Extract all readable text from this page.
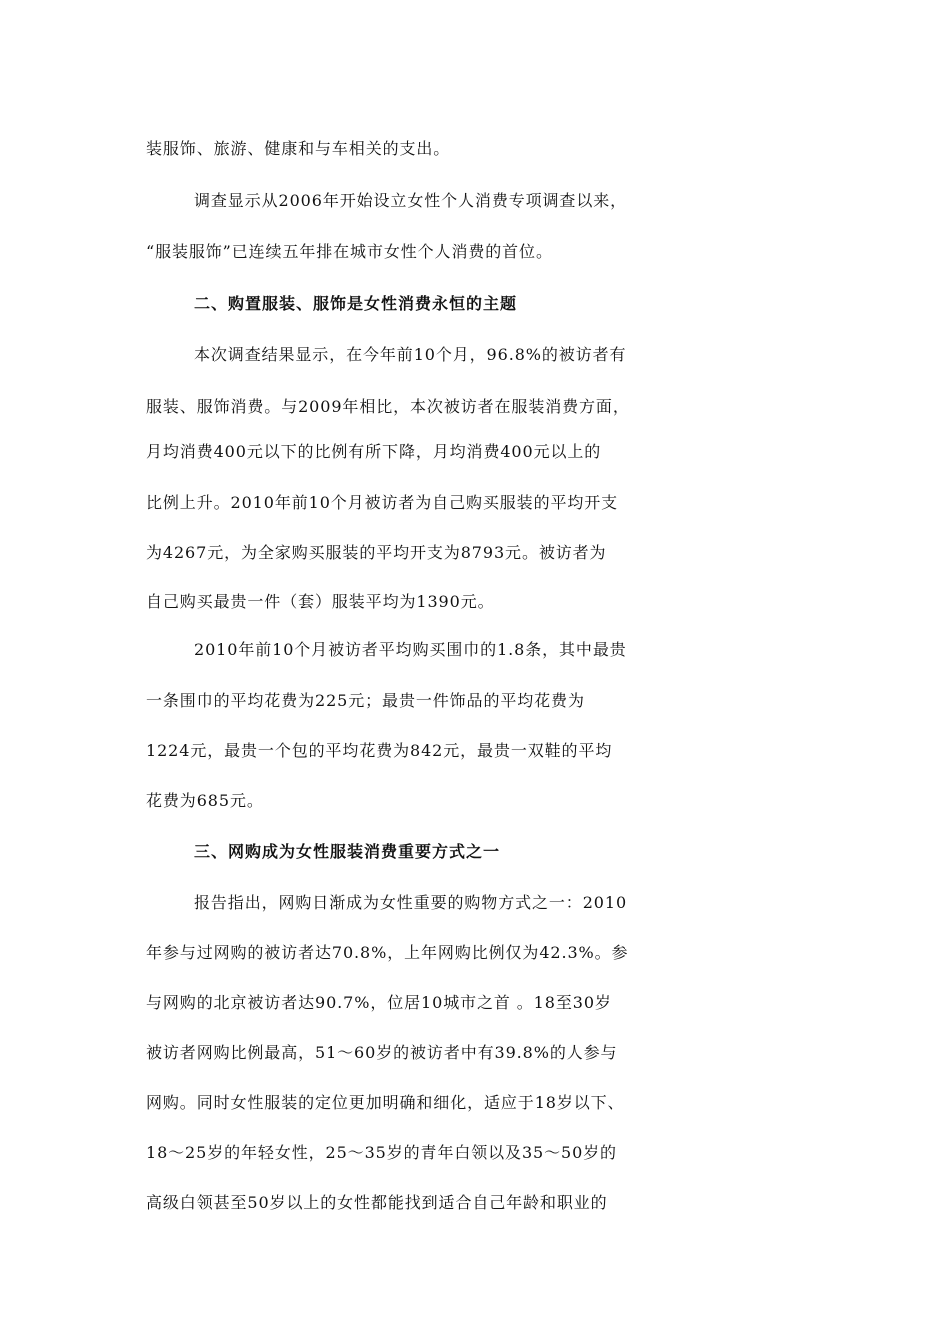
装服饰、旅游、健康和与车相关的支出。
调查显示从2006年开始设立女性个人消费专项调查以来，
“服装服饰”已连续五年排在城市女性个人消费的首位。
二、购置服装、服饰是女性消费永恒的主题
本次调查结果显示，在今年前10个月，96.8%的被访者有
服装、服饰消费。与2009年相比，本次被访者在服装消费方面，
月均消费400元以下的比例有所下降，月均消费400元以上的
比例上升。2010年前10个月被访者为自己购买服装的平均开支
为4267元，为全家购买服装的平均开支为8793元。被访者为
自己购买最贵一件（套）服装平均为1390元。
2010年前10个月被访者平均购买围巾的1.8条，其中最贵
一条围巾的平均花费为225元；最贵一件饰品的平均花费为
1224元，最贵一个包的平均花费为842元，最贵一双鞋的平均
花费为685元。
三、网购成为女性服装消费重要方式之一
报告指出，网购日渐成为女性重要的购物方式之一：2010
年参与过网购的被访者达70.8%，上年网购比例仅为42.3%。参
与网购的北京被访者达90.7%，位居10城市之首 。18至30岁
被访者网购比例最高，51～60岁的被访者中有39.8%的人参与
网购。同时女性服装的定位更加明确和细化，适应于18岁以下、
18～25岁的年轻女性，25～35岁的青年白领以及35～50岁的
高级白领甚至50岁以上的女性都能找到适合自己年龄和职业的
